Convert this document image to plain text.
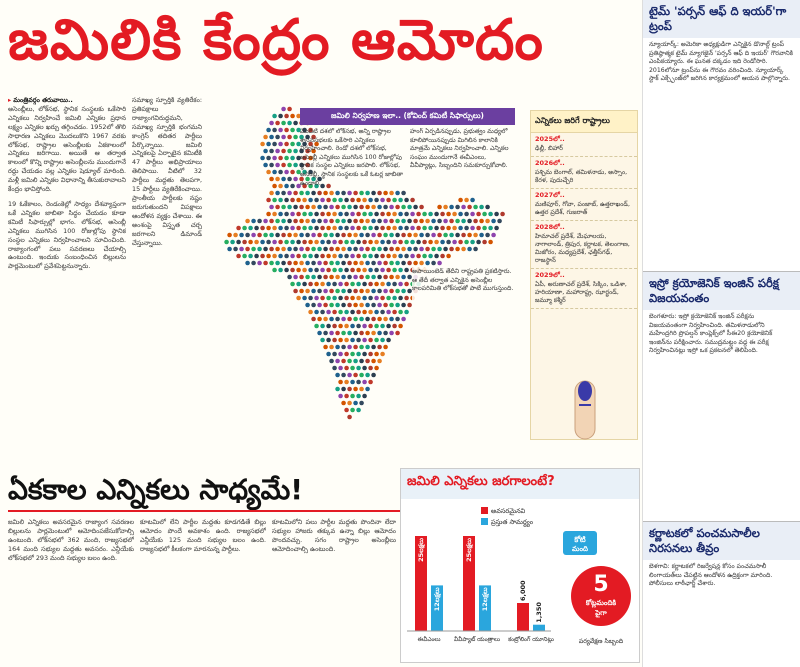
జమిలికి కేంద్రం ఆమోదం
▸ మంత్రివర్గం తరువాయి..

అసెంబ్లీలు, లోక్‌సభ, స్థానిక సంస్థలకు ఒకేసారి ఎన్నికలు నిర్వహించే జమిలి ఎన్నికల ప్రధాన లక్ష్యం ఎన్నికల ఖర్చు తగ్గించడం. 1952లో తొలి సాధారణ ఎన్నికలు మొదలుకొని 1967 వరకు లోక్‌సభ, రాష్ట్రాల అసెంబ్లీలకు ఏకకాలంలో ఎన్నికలు జరిగాయి. అయితే ఆ తర్వాత కాలంలో కొన్ని రాష్ట్రాల అసెంబ్లీలను ముందుగానే రద్దు చేయడం వల్ల ఎన్నికల షెడ్యూల్ మారింది. మళ్లీ జమిలి ఎన్నికల విధానాన్ని తీసుకురావాలని కేంద్రం భావిస్తోంది.

19 ఓకేకాలం, రెండంకెల్లో సాధ్యం దేశవ్యాప్తంగా ఒకే ఎన్నికల జాబితా సిద్ధం చేయడం కూడా కమిటీ సిఫార్సుల్లో భాగం. లోక్‌సభ, అసెంబ్లీ ఎన్నికలు ముగిసిన 100 రోజుల్లోపు స్థానిక సంస్థల ఎన్నికలు నిర్వహించాలని సూచించింది. రాజ్యాంగంలో పలు సవరణలు చేయాల్సి ఉంటుంది. ఇందుకు సంబంధించిన బిల్లులను పార్లమెంటులో ప్రవేశపెట్టనున్నారు.

సమాఖ్య స్ఫూర్తికి వ్యతిరేకం: ప్రతిపక్షాలు రాజ్యాంగవిరుద్ధమని, సమాఖ్య స్ఫూర్తికి భంగమని కాంగ్రెస్ తదితర పార్టీలు పేర్కొన్నాయి. జమిలి ఎన్నికలపై ఏర్పాటైన కమిటీకి 47 పార్టీలు అభిప్రాయాలు తెలిపాయి. వీటిలో 32 పార్టీలు మద్దతు తెలపగా, 15 పార్టీలు వ్యతిరేకించాయి. ప్రాంతీయ పార్టీలకు నష్టం జరుగుతుందని విపక్షాలు ఆందోళన వ్యక్తం చేశాయి. ఈ అంశంపై విస్తృత చర్చ జరగాలని డిమాండ్ చేస్తున్నాయి.

జమిలి నిర్వహణ ఇలా.. (కోవింద్ కమిటీ సిఫార్సులు)
మొదటి దశలో లోక్‌సభ, అన్ని రాష్ట్రాల శాసనసభలకు ఒకేసారి ఎన్నికలు నిర్వహించాలి. రెండో దశలో లోక్‌సభ, అసెంబ్లీ ఎన్నికలు ముగిసిన 100 రోజుల్లోపు స్థానిక సంస్థల ఎన్నికలు జరపాలి. లోక్‌సభ, అసెంబ్లీ, స్థానిక సంస్థలకు ఒకే ఓటర్ల జాబితా ఉండాలి.
హంగ్ ఏర్పడినప్పుడు, ప్రభుత్వం మధ్యలో కూలిపోయినప్పుడు మిగిలిన కాలానికి మాత్రమే ఎన్నికలు నిర్వహించాలి. ఎన్నికల సంఘం ముందుగానే ఈవీఎంలు, వీవీప్యాట్లు, సిబ్బందిని సమకూర్చుకోవాలి.
అపాయింటెడ్ తేదీని రాష్ట్రపతి ప్రకటిస్తారు. ఆ తేదీ తర్వాత ఎన్నికైన అసెంబ్లీల కాలపరిమితి లోక్‌సభతో పాటే ముగుస్తుంది.
ఎన్నికలు జరిగే రాష్ట్రాలు
2025లో..
ఢిల్లీ, బిహార్
2026లో..
పశ్చిమ బెంగాల్, తమిళనాడు, అస్సాం, కేరళ, పుదుచ్చేరి
2027లో..
మణిపూర్, గోవా, పంజాబ్, ఉత్తరాఖండ్, ఉత్తర ప్రదేశ్, గుజరాత్
2028లో..
హిమాచల్ ప్రదేశ్, మేఘాలయ, నాగాలాండ్, త్రిపుర, కర్ణాటక, తెలంగాణ, మిజోరం, మధ్యప్రదేశ్, ఛత్తీస్‌గఢ్, రాజస్థాన్
2029లో..
ఏపీ, అరుణాచల్ ప్రదేశ్, సిక్కిం, ఒడిశా, హరియాణా, మహారాష్ట్ర, ఝార్ఖండ్, జమ్మూ కశ్మీర్
ఏకకాల ఎన్నికలు సాధ్యమే!
జమిలి ఎన్నికలు అవసరమైన రాజ్యాంగ సవరణల బిల్లులను పార్లమెంటులో ఆమోదింపజేసుకోవాల్సి ఉంటుంది. లోక్‌సభలో 362 మంది, రాజ్యసభలో 164 మంది సభ్యుల మద్దతు అవసరం. ఎన్డీయేకు లోక్‌సభలో 293 మంది సభ్యుల బలం ఉంది.
కూటమిలో లేని పార్టీల మద్దతు కూడగడితే బిల్లు ఆమోదం పొందే అవకాశం ఉంది. రాజ్యసభలో ఎన్డీయేకు 125 మంది సభ్యుల బలం ఉంది. రాజ్యసభలో కీలకంగా మారనున్న పార్టీలు.
కూటమిలోని పలు పార్టీల మద్దతు పొందినా లేదా సభ్యుల హాజరు తక్కువ ఉన్నా బిల్లు ఆమోదం పొందవచ్చు. సగం రాష్ట్రాల అసెంబ్లీలు ఆమోదించాల్సి ఉంటుంది.
జమిలి ఎన్నికలు జరగాలంటే?
అవసరమైనవి
ప్రస్తుత సామర్థ్యం
25లక్షలు
12లక్షలు
ఈవీఎంలు
25లక్షలు
12లక్షలు
వీవీప్యాట్ యంత్రాలు
6,000
1,350
కంట్రోలింగ్ యూనిట్లు
కోటి
మంది
5
కోట్లమందికి
పైగా
పర్యవేక్షణ సిబ్బంది
టైమ్ 'పర్సన్ ఆఫ్ ది ఇయర్'గా ట్రంప్
న్యూయార్క్: అమెరికా అధ్యక్షుడిగా ఎన్నికైన డొనాల్డ్ ట్రంప్ ప్రతిష్ఠాత్మక టైమ్ మ్యాగజైన్ 'పర్సన్ ఆఫ్ ది ఇయర్' గౌరవానికి ఎంపికయ్యారు. ఈ ఘనత దక్కడం ఇది రెండోసారి. 2016లోనూ ట్రంప్‌ను ఈ గౌరవం వరించింది. న్యూయార్క్ స్టాక్ ఎక్స్ఛేంజ్‌లో జరిగిన కార్యక్రమంలో ఆయన పాల్గొన్నారు.
ఇస్రో క్రయోజెనిక్ ఇంజిన్ పరీక్ష విజయవంతం
బెంగళూరు: ఇస్రో క్రయోజెనిక్ ఇంజిన్ పరీక్షను విజయవంతంగా నిర్వహించింది. తమిళనాడులోని మహేంద్రగిరి ప్రొపల్షన్ కాంప్లెక్స్‌లో సీఈ20 క్రయోజెనిక్ ఇంజిన్‌ను పరీక్షించారు. సముద్రమట్టం వద్ద ఈ పరీక్ష నిర్వహించినట్లు ఇస్రో ఒక ప్రకటనలో తెలిపింది.
కర్ణాటకలో పంచమసాలీల నిరసనలు తీవ్రం
బెళగావి: కర్ణాటకలో రిజర్వేషన్ల కోసం పంచమసాలీ లింగాయత్‌లు చేపట్టిన ఆందోళన ఉద్రిక్తంగా మారింది. పోలీసులు లాఠీఛార్జ్ చేశారు.
